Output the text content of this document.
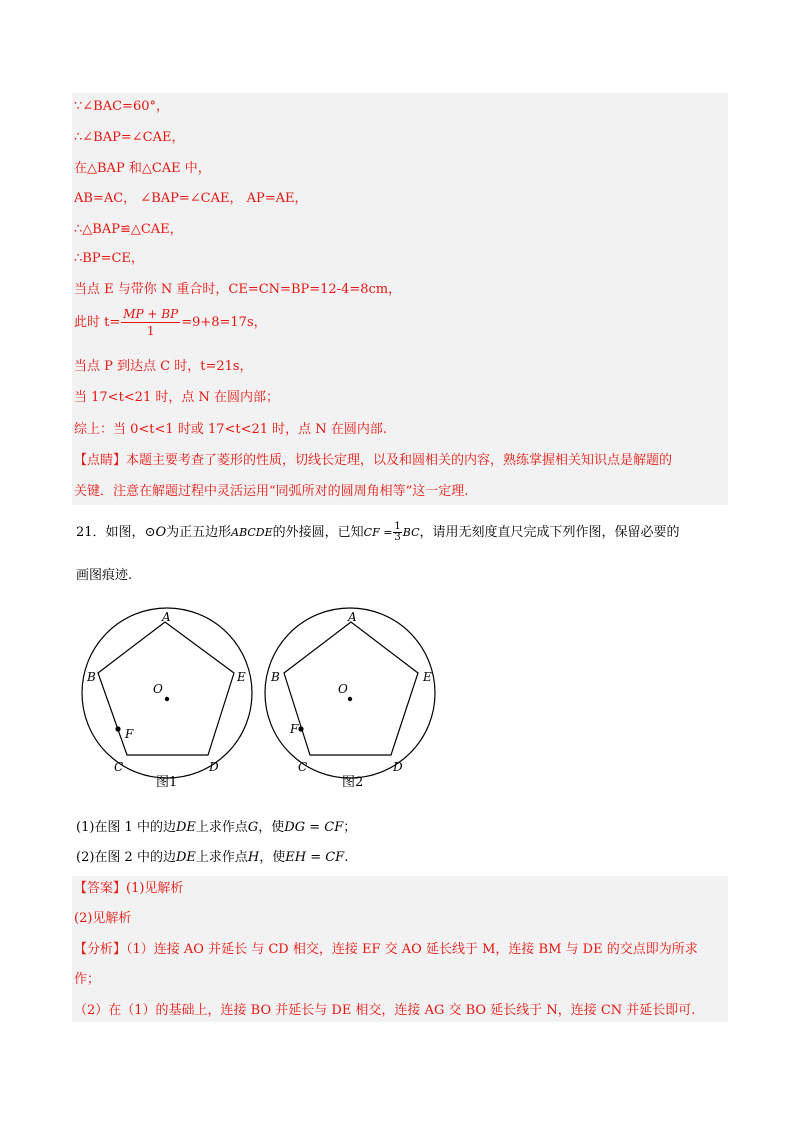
∵∠BAC=60°，
∴∠BAP=∠CAE，
在△BAP 和△CAE 中，
AB=AC， ∠BAP=∠CAE， AP=AE，
∴△BAP≌△CAE，
∴BP=CE，
当点 E 与带你 N 重合时，CE=CN=BP=12-4=8cm，
此时 $t= \frac{MP + BP}{1} =9+8=17s$，
当点 P 到达点 C 时，t=21s，
当 17<t<21 时，点 N 在圆内部；
综上：当 0<t<1 时或 17<t<21 时，点 N 在圆内部.
【点睛】本题主要考查了菱形的性质，切线长定理，以及和圆相关的内容，熟练掌握相关知识点是解题的
关键．注意在解题过程中灵活运用“同弧所对的圆周角相等”这一定理.
21．如图，⊙O为正五边形ABCDE的外接圆，已知CF = $\frac{1}{3}$ BC，请用无刻度直尺完成下列作图，保留必要的
画图痕迹.
A
B	E
O
F
C	D
图1
A
B	E
O
F
C	D
图2
(1)在图 1 中的边DE上求作点G，使DG = CF；
(2)在图 2 中的边DE上求作点H，使EH = CF.
【答案】(1)见解析
(2)见解析
【分析】（1）连接 AO 并延长 与 CD 相交，连接 EF 交 AO 延长线于 M，连接 BM 与 DE 的交点即为所求
作；
（2）在（1）的基础上，连接 BO 并延长与 DE 相交，连接 AG 交 BO 延长线于 N，连接 CN 并延长即可.
